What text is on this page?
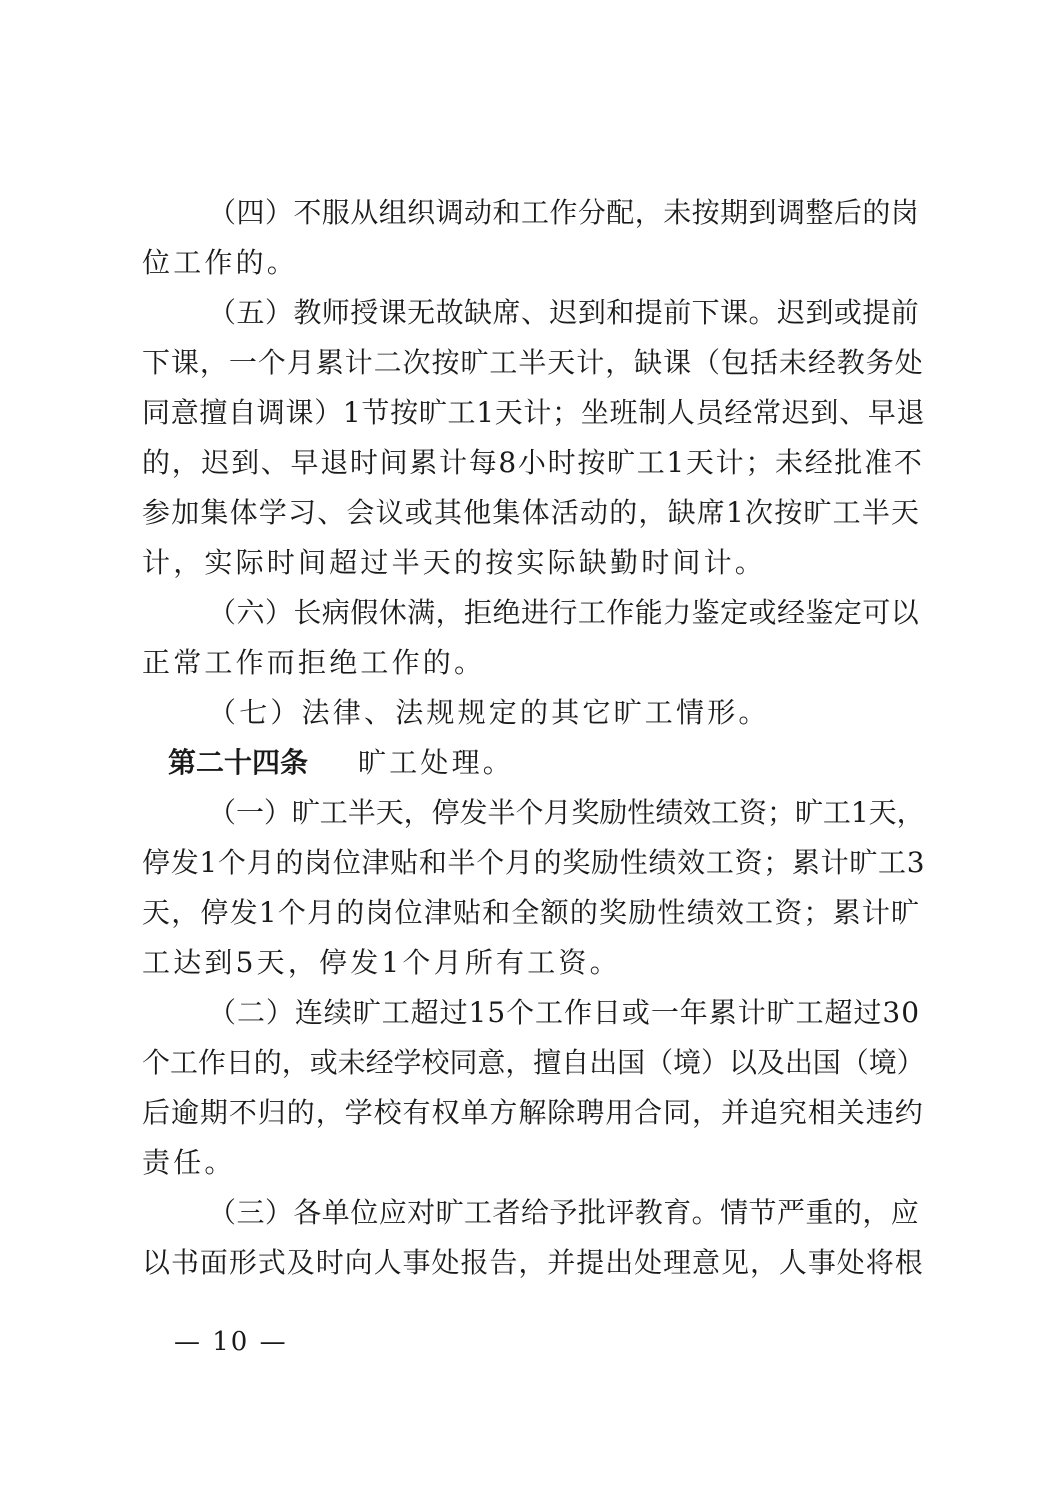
（四）不服从组织调动和工作分配，未按期到调整后的岗
位工作的。
（五）教师授课无故缺席、迟到和提前下课。迟到或提前
下课，一个月累计二次按旷工半天计，缺课（包括未经教务处
同意擅自调课）1节按旷工1天计；坐班制人员经常迟到、早退
的，迟到、早退时间累计每8小时按旷工1天计；未经批准不
参加集体学习、会议或其他集体活动的，缺席1次按旷工半天
计，实际时间超过半天的按实际缺勤时间计。
（六）长病假休满，拒绝进行工作能力鉴定或经鉴定可以
正常工作而拒绝工作的。
（七）法律、法规规定的其它旷工情形。
第二十四条 旷工处理。
（一）旷工半天，停发半个月奖励性绩效工资；旷工1天，
停发1个月的岗位津贴和半个月的奖励性绩效工资；累计旷工3
天，停发1个月的岗位津贴和全额的奖励性绩效工资；累计旷
工达到5天，停发1个月所有工资。
（二）连续旷工超过15个工作日或一年累计旷工超过30
个工作日的，或未经学校同意，擅自出国（境）以及出国（境）
后逾期不归的，学校有权单方解除聘用合同，并追究相关违约
责任。
（三）各单位应对旷工者给予批评教育。情节严重的，应
以书面形式及时向人事处报告，并提出处理意见，人事处将根
— 10 —
